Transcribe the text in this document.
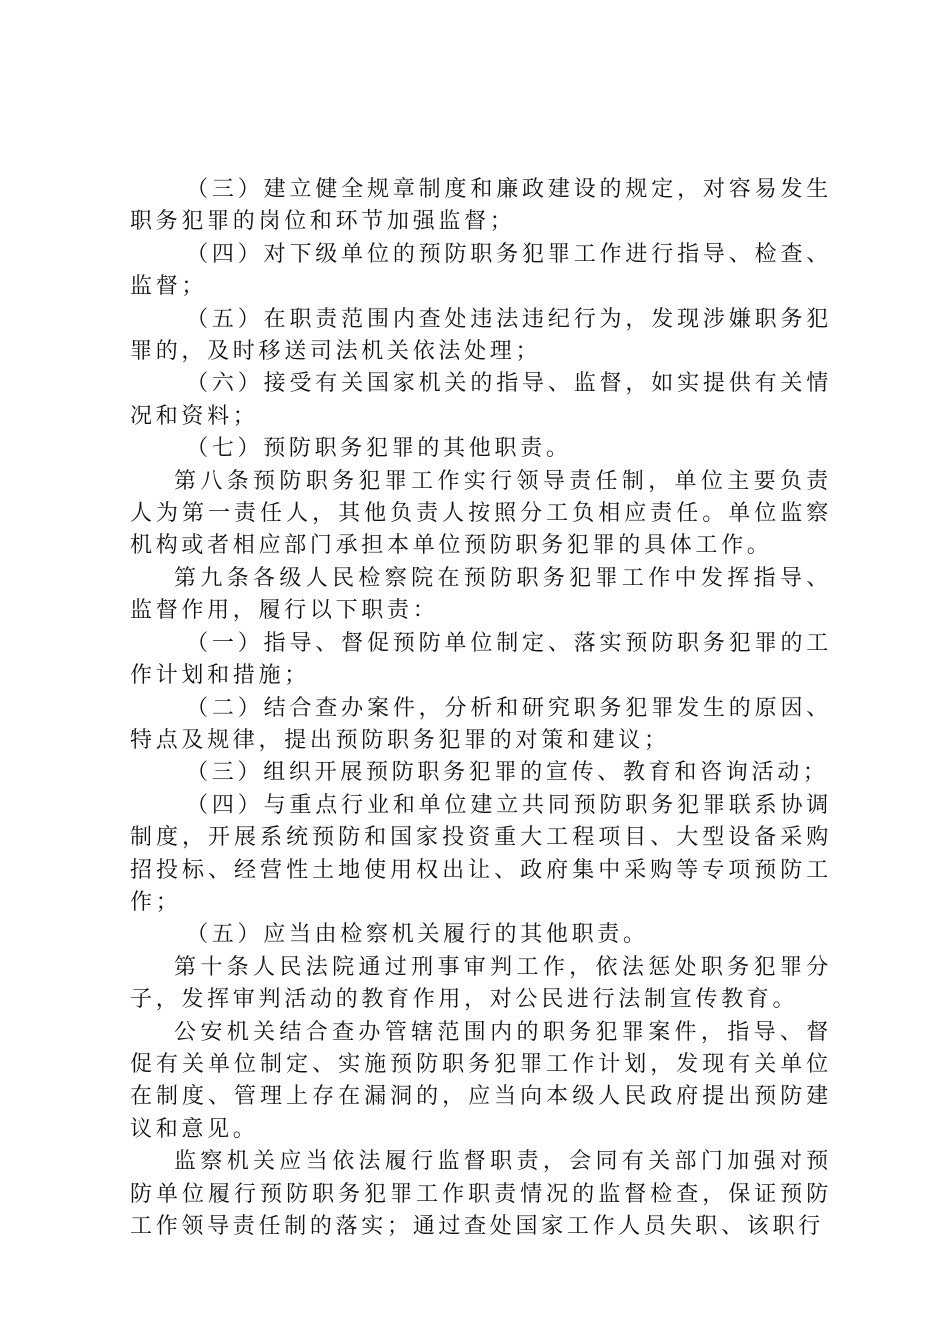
（三）建立健全规章制度和廉政建设的规定，对容易发生职务犯罪的岗位和环节加强监督；

（四）对下级单位的预防职务犯罪工作进行指导、检查、监督；

（五）在职责范围内查处违法违纪行为，发现涉嫌职务犯罪的，及时移送司法机关依法处理；

（六）接受有关国家机关的指导、监督，如实提供有关情况和资料；

（七）预防职务犯罪的其他职责。

第八条预防职务犯罪工作实行领导责任制，单位主要负责人为第一责任人，其他负责人按照分工负相应责任。单位监察机构或者相应部门承担本单位预防职务犯罪的具体工作。

第九条各级人民检察院在预防职务犯罪工作中发挥指导、监督作用，履行以下职责：

（一）指导、督促预防单位制定、落实预防职务犯罪的工作计划和措施；

（二）结合查办案件，分析和研究职务犯罪发生的原因、特点及规律，提出预防职务犯罪的对策和建议；

（三）组织开展预防职务犯罪的宣传、教育和咨询活动；

（四）与重点行业和单位建立共同预防职务犯罪联系协调制度，开展系统预防和国家投资重大工程项目、大型设备采购招投标、经营性土地使用权出让、政府集中采购等专项预防工作；

（五）应当由检察机关履行的其他职责。

第十条人民法院通过刑事审判工作，依法惩处职务犯罪分子，发挥审判活动的教育作用，对公民进行法制宣传教育。

公安机关结合查办管辖范围内的职务犯罪案件，指导、督促有关单位制定、实施预防职务犯罪工作计划，发现有关单位在制度、管理上存在漏洞的，应当向本级人民政府提出预防建议和意见。

监察机关应当依法履行监督职责，会同有关部门加强对预防单位履行预防职务犯罪工作职责情况的监督检查，保证预防工作领导责任制的落实；通过查处国家工作人员失职、该职行
